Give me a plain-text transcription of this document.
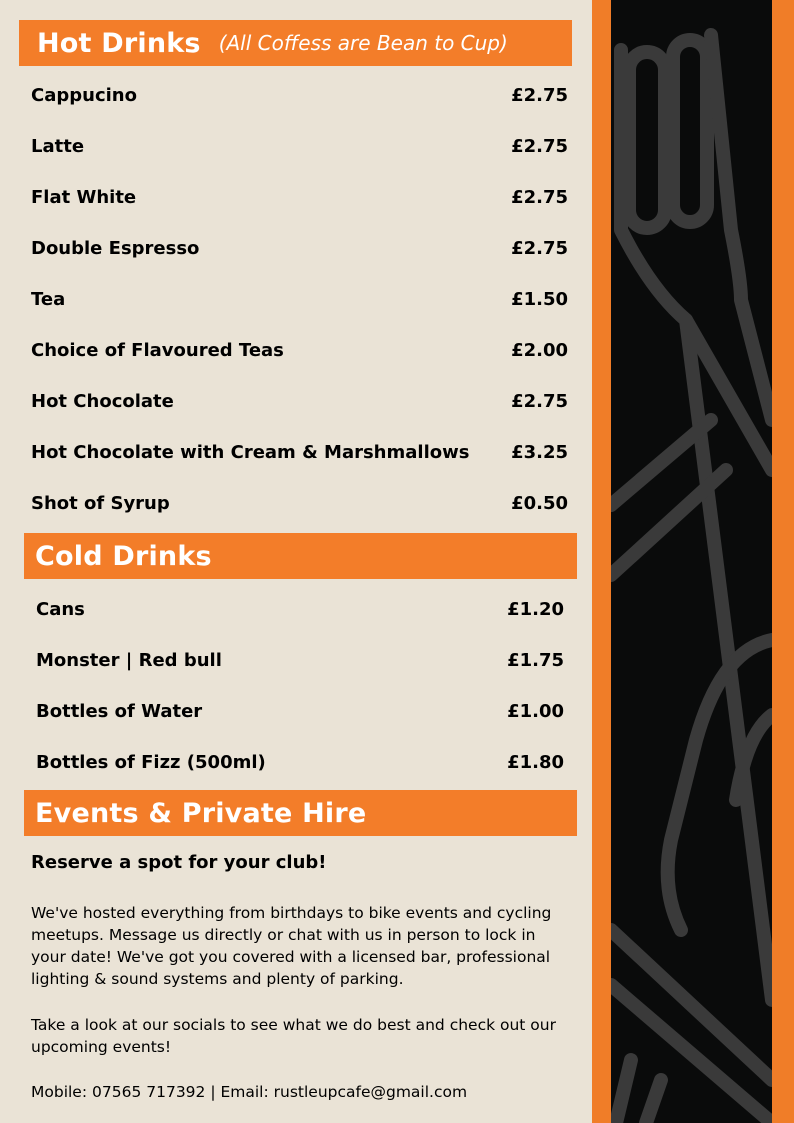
Hot Drinks (All Coffess are Bean to Cup)
Cappucino	£2.75
Latte	£2.75
Flat White	£2.75
Double Espresso	£2.75
Tea	£1.50
Choice of Flavoured Teas	£2.00
Hot Chocolate	£2.75
Hot Chocolate with Cream & Marshmallows £3.25
Shot of Syrup	£0.50
Cold Drinks
Cans	£1.20
Monster | Red bull	£1.75
Bottles of Water	£1.00
Bottles of Fizz (500ml)	£1.80
Events & Private Hire
Reserve a spot for your club!
We've hosted everything from birthdays to bike events and cycling meetups. Message us directly or chat with us in person to lock in your date! We've got you covered with a licensed bar, professional lighting & sound systems and plenty of parking.
Take a look at our socials to see what we do best and check out our upcoming events!
Mobile: 07565 717392 | Email: rustleupcafe@gmail.com
